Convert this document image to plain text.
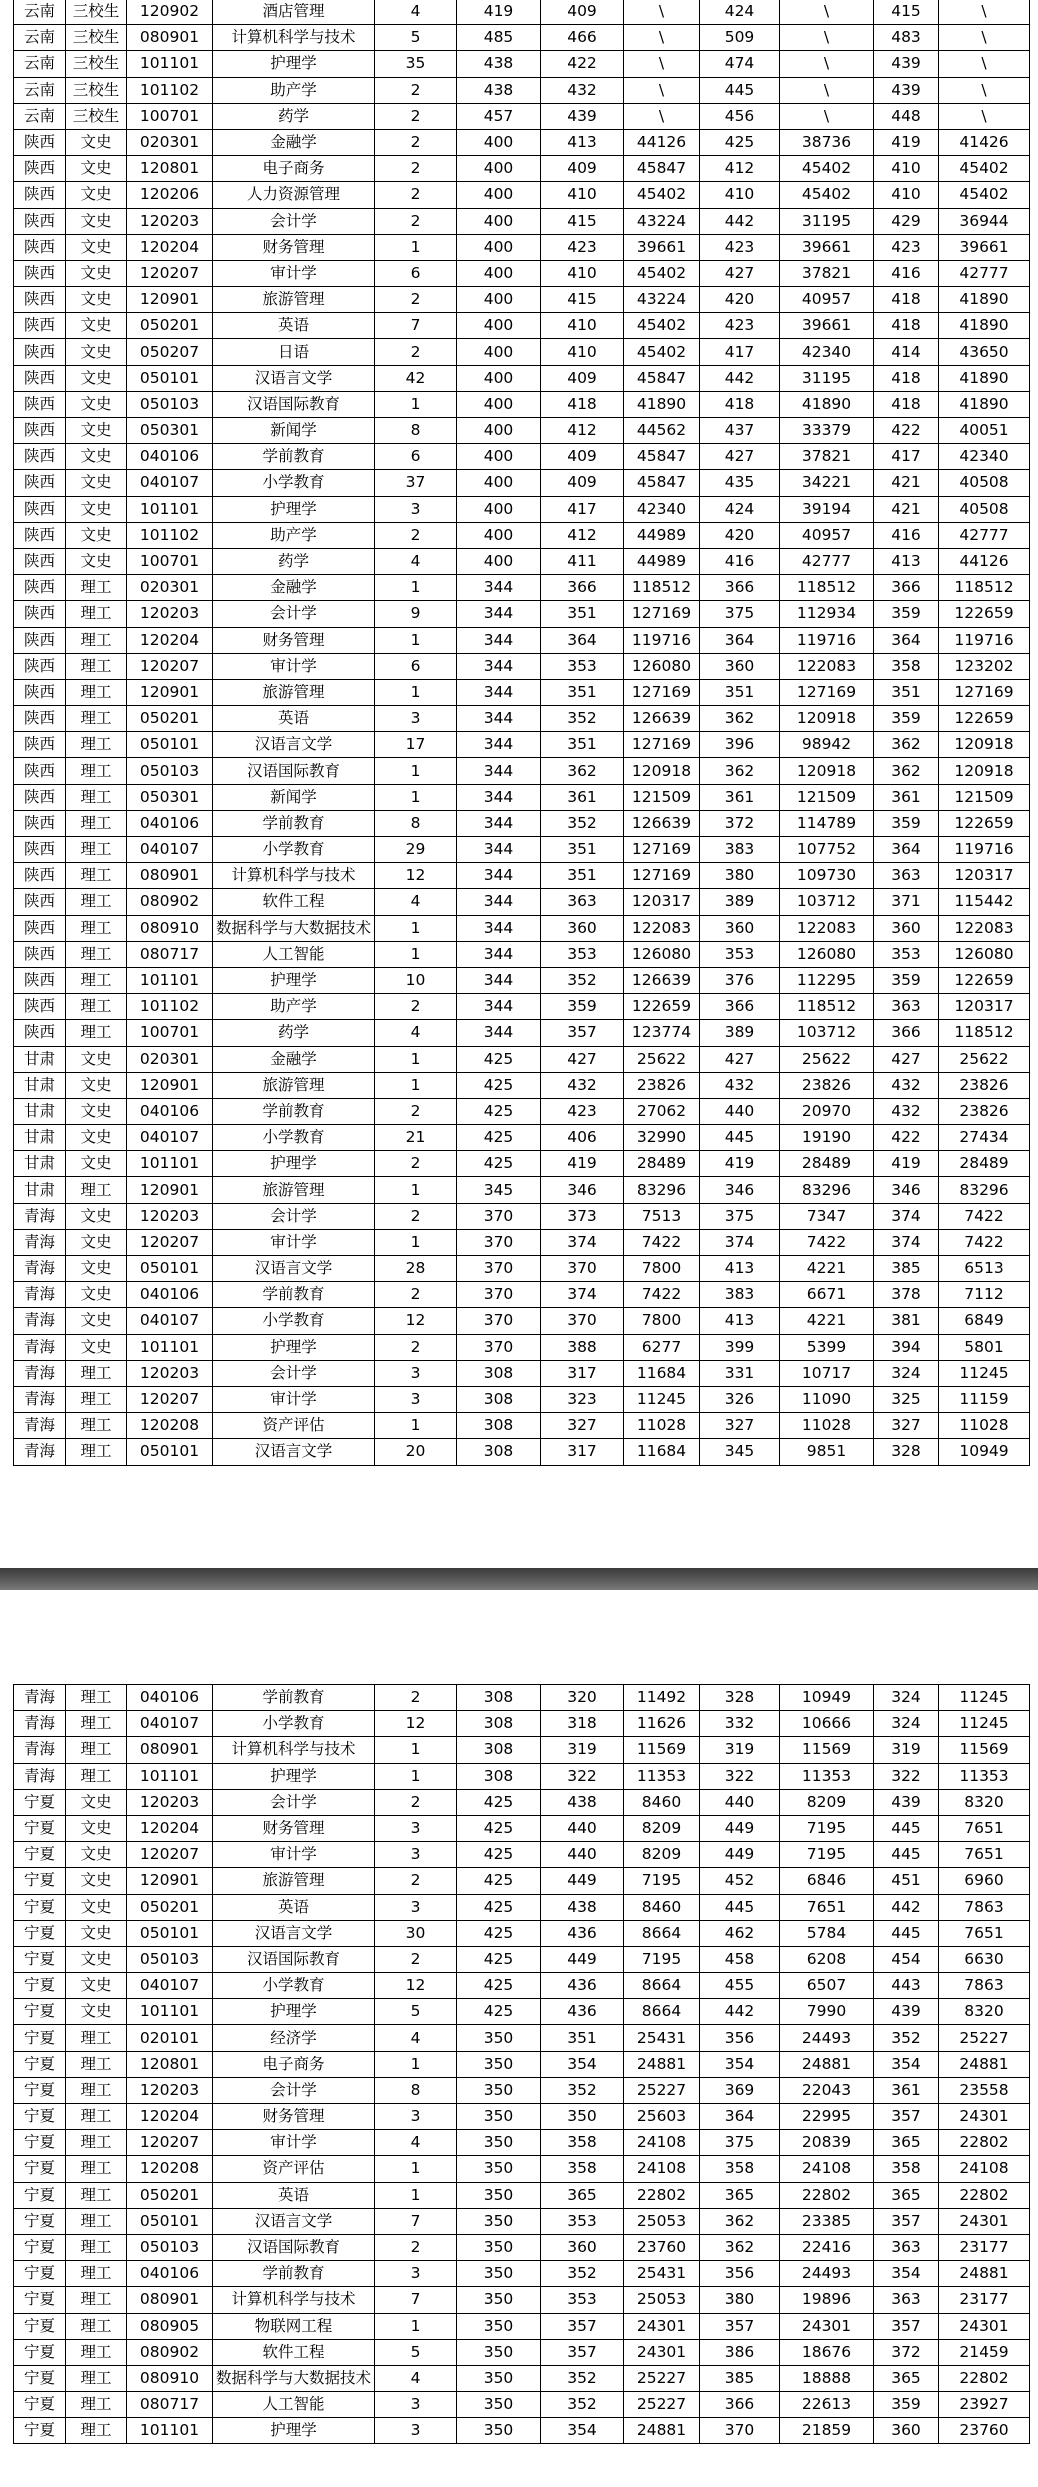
云南	三校生	120902	酒店管理	4	419	409	\	424	\	415	\
云南	三校生	080901	计算机科学与技术	5	485	466	\	509	\	483	\
云南	三校生	101101	护理学	35	438	422	\	474	\	439	\
云南	三校生	101102	助产学	2	438	432	\	445	\	439	\
云南	三校生	100701	药学	2	457	439	\	456	\	448	\
陕西	文史	020301	金融学	2	400	413	44126	425	38736	419	41426
陕西	文史	120801	电子商务	2	400	409	45847	412	45402	410	45402
陕西	文史	120206	人力资源管理	2	400	410	45402	410	45402	410	45402
陕西	文史	120203	会计学	2	400	415	43224	442	31195	429	36944
陕西	文史	120204	财务管理	1	400	423	39661	423	39661	423	39661
陕西	文史	120207	审计学	6	400	410	45402	427	37821	416	42777
陕西	文史	120901	旅游管理	2	400	415	43224	420	40957	418	41890
陕西	文史	050201	英语	7	400	410	45402	423	39661	418	41890
陕西	文史	050207	日语	2	400	410	45402	417	42340	414	43650
陕西	文史	050101	汉语言文学	42	400	409	45847	442	31195	418	41890
陕西	文史	050103	汉语国际教育	1	400	418	41890	418	41890	418	41890
陕西	文史	050301	新闻学	8	400	412	44562	437	33379	422	40051
陕西	文史	040106	学前教育	6	400	409	45847	427	37821	417	42340
陕西	文史	040107	小学教育	37	400	409	45847	435	34221	421	40508
陕西	文史	101101	护理学	3	400	417	42340	424	39194	421	40508
陕西	文史	101102	助产学	2	400	412	44989	420	40957	416	42777
陕西	文史	100701	药学	4	400	411	44989	416	42777	413	44126
陕西	理工	020301	金融学	1	344	366	118512	366	118512	366	118512
陕西	理工	120203	会计学	9	344	351	127169	375	112934	359	122659
陕西	理工	120204	财务管理	1	344	364	119716	364	119716	364	119716
陕西	理工	120207	审计学	6	344	353	126080	360	122083	358	123202
陕西	理工	120901	旅游管理	1	344	351	127169	351	127169	351	127169
陕西	理工	050201	英语	3	344	352	126639	362	120918	359	122659
陕西	理工	050101	汉语言文学	17	344	351	127169	396	98942	362	120918
陕西	理工	050103	汉语国际教育	1	344	362	120918	362	120918	362	120918
陕西	理工	050301	新闻学	1	344	361	121509	361	121509	361	121509
陕西	理工	040106	学前教育	8	344	352	126639	372	114789	359	122659
陕西	理工	040107	小学教育	29	344	351	127169	383	107752	364	119716
陕西	理工	080901	计算机科学与技术	12	344	351	127169	380	109730	363	120317
陕西	理工	080902	软件工程	4	344	363	120317	389	103712	371	115442
陕西	理工	080910	数据科学与大数据技术	1	344	360	122083	360	122083	360	122083
陕西	理工	080717	人工智能	1	344	353	126080	353	126080	353	126080
陕西	理工	101101	护理学	10	344	352	126639	376	112295	359	122659
陕西	理工	101102	助产学	2	344	359	122659	366	118512	363	120317
陕西	理工	100701	药学	4	344	357	123774	389	103712	366	118512
甘肃	文史	020301	金融学	1	425	427	25622	427	25622	427	25622
甘肃	文史	120901	旅游管理	1	425	432	23826	432	23826	432	23826
甘肃	文史	040106	学前教育	2	425	423	27062	440	20970	432	23826
甘肃	文史	040107	小学教育	21	425	406	32990	445	19190	422	27434
甘肃	文史	101101	护理学	2	425	419	28489	419	28489	419	28489
甘肃	理工	120901	旅游管理	1	345	346	83296	346	83296	346	83296
青海	文史	120203	会计学	2	370	373	7513	375	7347	374	7422
青海	文史	120207	审计学	1	370	374	7422	374	7422	374	7422
青海	文史	050101	汉语言文学	28	370	370	7800	413	4221	385	6513
青海	文史	040106	学前教育	2	370	374	7422	383	6671	378	7112
青海	文史	040107	小学教育	12	370	370	7800	413	4221	381	6849
青海	文史	101101	护理学	2	370	388	6277	399	5399	394	5801
青海	理工	120203	会计学	3	308	317	11684	331	10717	324	11245
青海	理工	120207	审计学	3	308	323	11245	326	11090	325	11159
青海	理工	120208	资产评估	1	308	327	11028	327	11028	327	11028
青海	理工	050101	汉语言文学	20	308	317	11684	345	9851	328	10949
青海	理工	040106	学前教育	2	308	320	11492	328	10949	324	11245
青海	理工	040107	小学教育	12	308	318	11626	332	10666	324	11245
青海	理工	080901	计算机科学与技术	1	308	319	11569	319	11569	319	11569
青海	理工	101101	护理学	1	308	322	11353	322	11353	322	11353
宁夏	文史	120203	会计学	2	425	438	8460	440	8209	439	8320
宁夏	文史	120204	财务管理	3	425	440	8209	449	7195	445	7651
宁夏	文史	120207	审计学	3	425	440	8209	449	7195	445	7651
宁夏	文史	120901	旅游管理	2	425	449	7195	452	6846	451	6960
宁夏	文史	050201	英语	3	425	438	8460	445	7651	442	7863
宁夏	文史	050101	汉语言文学	30	425	436	8664	462	5784	445	7651
宁夏	文史	050103	汉语国际教育	2	425	449	7195	458	6208	454	6630
宁夏	文史	040107	小学教育	12	425	436	8664	455	6507	443	7863
宁夏	文史	101101	护理学	5	425	436	8664	442	7990	439	8320
宁夏	理工	020101	经济学	4	350	351	25431	356	24493	352	25227
宁夏	理工	120801	电子商务	1	350	354	24881	354	24881	354	24881
宁夏	理工	120203	会计学	8	350	352	25227	369	22043	361	23558
宁夏	理工	120204	财务管理	3	350	350	25603	364	22995	357	24301
宁夏	理工	120207	审计学	4	350	358	24108	375	20839	365	22802
宁夏	理工	120208	资产评估	1	350	358	24108	358	24108	358	24108
宁夏	理工	050201	英语	1	350	365	22802	365	22802	365	22802
宁夏	理工	050101	汉语言文学	7	350	353	25053	362	23385	357	24301
宁夏	理工	050103	汉语国际教育	2	350	360	23760	362	22416	363	23177
宁夏	理工	040106	学前教育	3	350	352	25431	356	24493	354	24881
宁夏	理工	080901	计算机科学与技术	7	350	353	25053	380	19896	363	23177
宁夏	理工	080905	物联网工程	1	350	357	24301	357	24301	357	24301
宁夏	理工	080902	软件工程	5	350	357	24301	386	18676	372	21459
宁夏	理工	080910	数据科学与大数据技术	4	350	352	25227	385	18888	365	22802
宁夏	理工	080717	人工智能	3	350	352	25227	366	22613	359	23927
宁夏	理工	101101	护理学	3	350	354	24881	370	21859	360	23760
